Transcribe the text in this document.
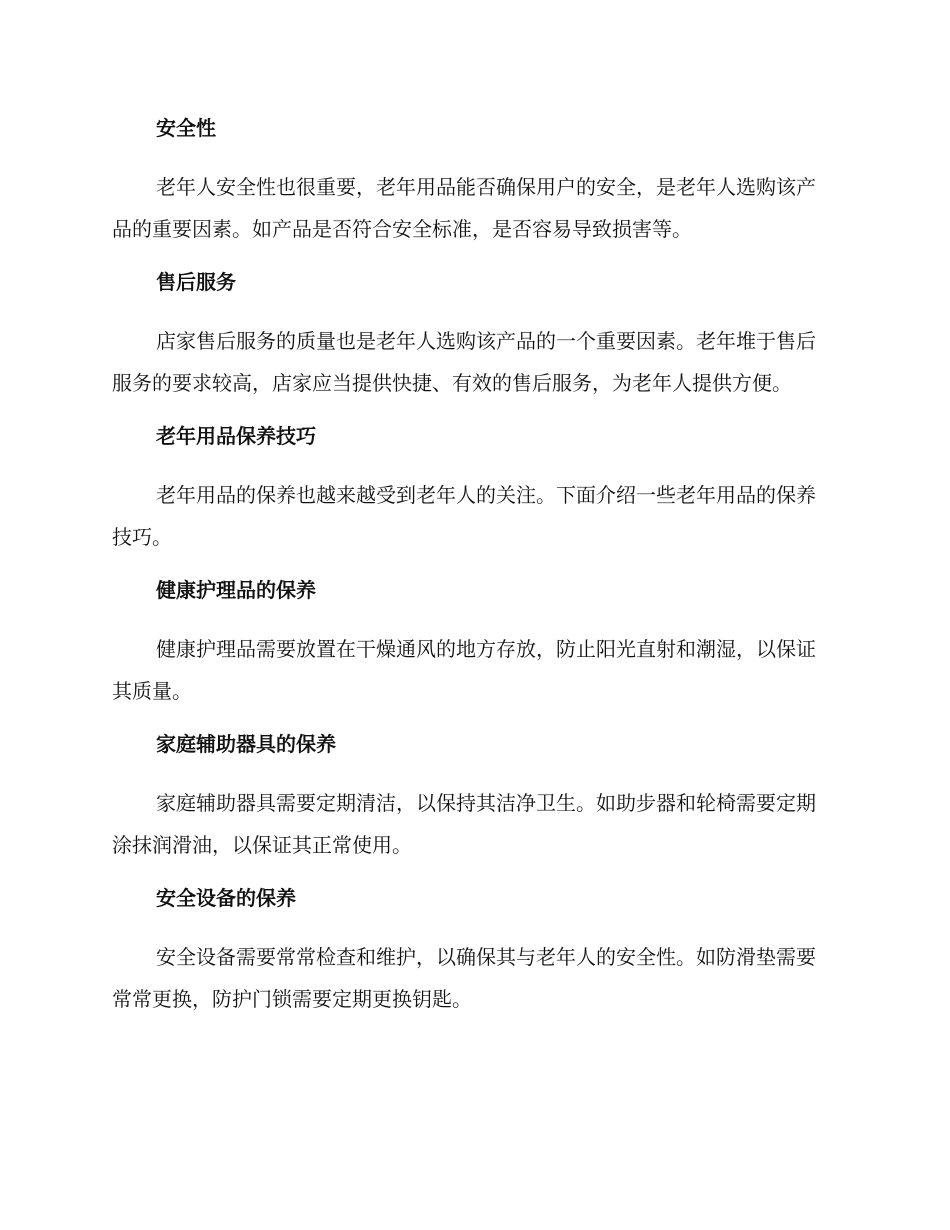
安全性

老年人安全性也很重要，老年用品能否确保用户的安全，是老年人选购该产品的重要因素。如产品是否符合安全标准，是否容易导致损害等。

售后服务

店家售后服务的质量也是老年人选购该产品的一个重要因素。老年堆于售后服务的要求较高，店家应当提供快捷、有效的售后服务，为老年人提供方便。

老年用品保养技巧

老年用品的保养也越来越受到老年人的关注。下面介绍一些老年用品的保养技巧。

健康护理品的保养

健康护理品需要放置在干燥通风的地方存放，防止阳光直射和潮湿，以保证其质量。

家庭辅助器具的保养

家庭辅助器具需要定期清洁，以保持其洁净卫生。如助步器和轮椅需要定期涂抹润滑油，以保证其正常使用。

安全设备的保养

安全设备需要常常检查和维护，以确保其与老年人的安全性。如防滑垫需要常常更换，防护门锁需要定期更换钥匙。
